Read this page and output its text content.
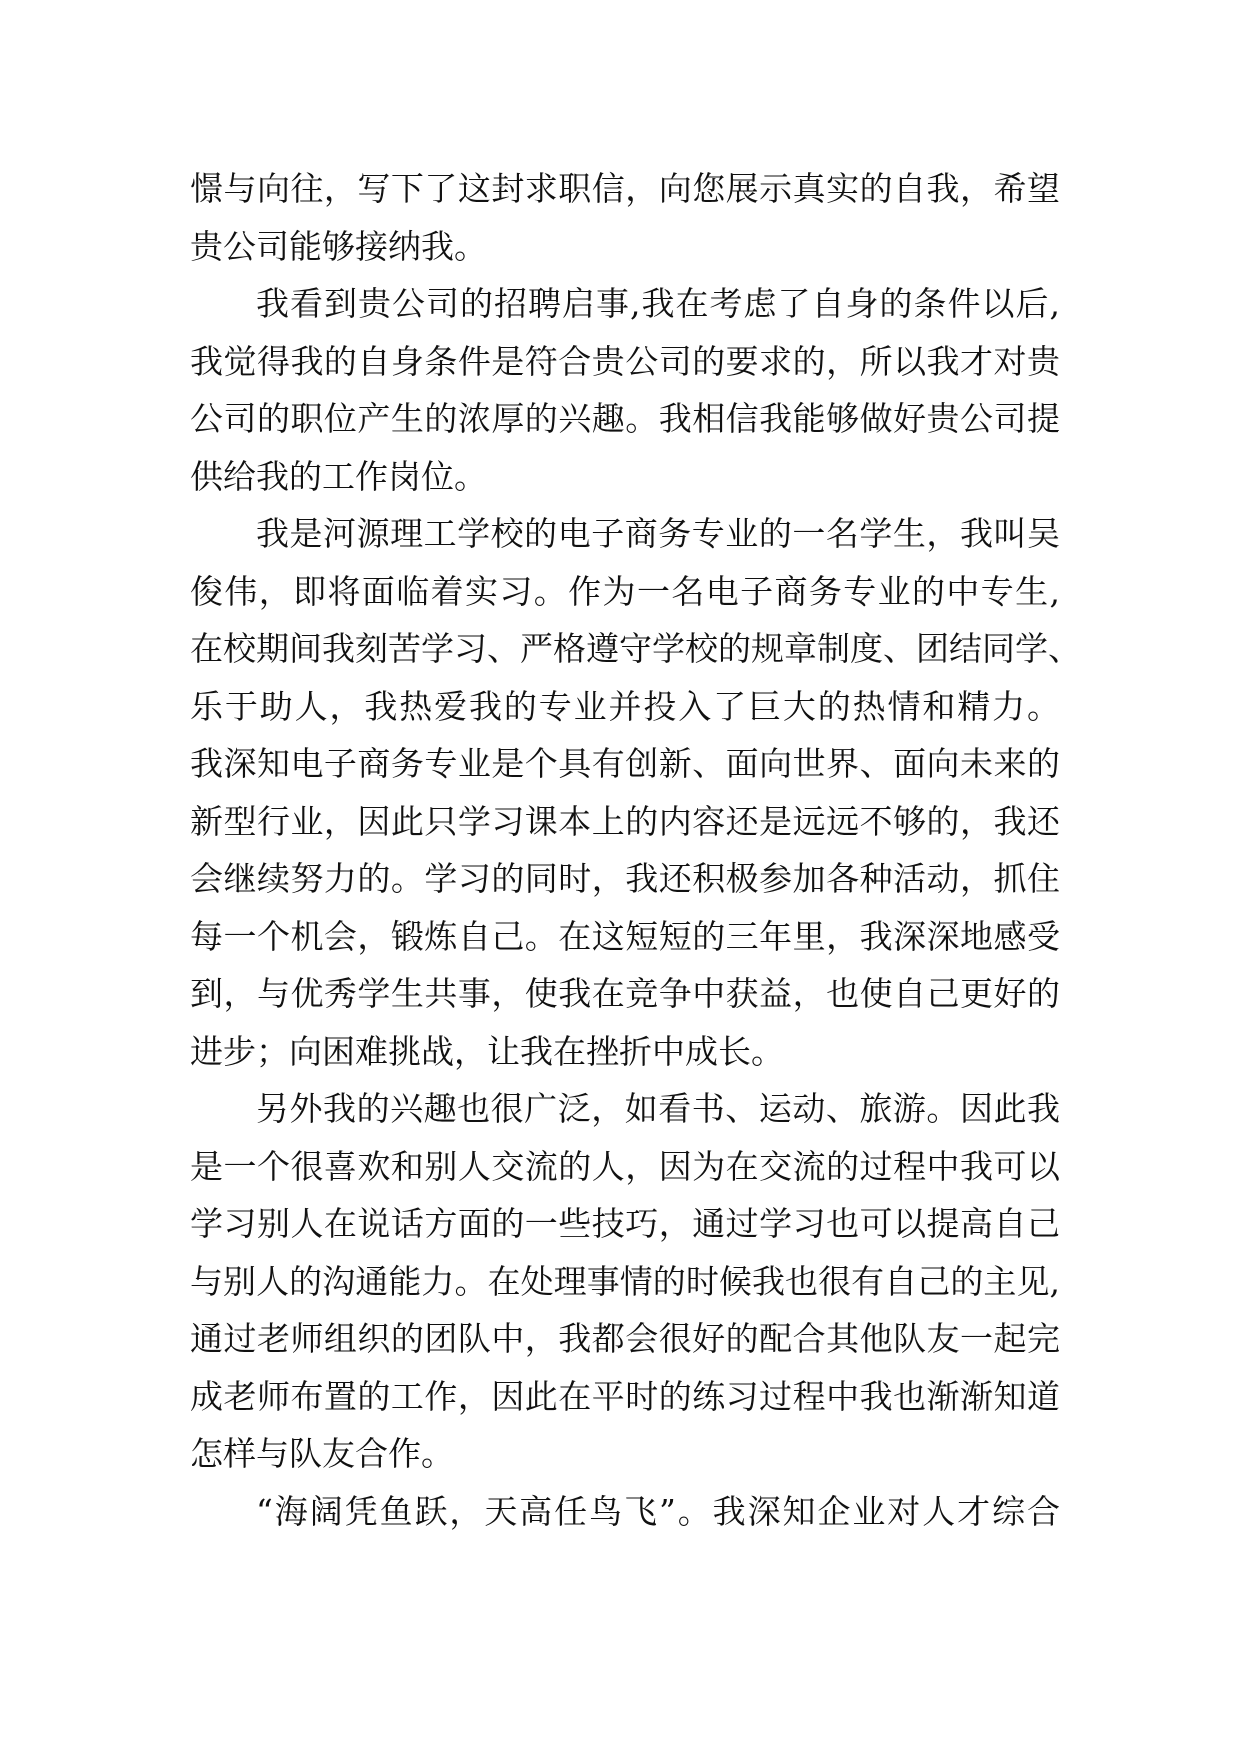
憬与向往，写下了这封求职信，向您展示真实的自我，希望
贵公司能够接纳我。
我看到贵公司的招聘启事,我在考虑了自身的条件以后,
我觉得我的自身条件是符合贵公司的要求的，所以我才对贵
公司的职位产生的浓厚的兴趣。我相信我能够做好贵公司提
供给我的工作岗位。
我是河源理工学校的电子商务专业的一名学生，我叫吴
俊伟，即将面临着实习。作为一名电子商务专业的中专生,
在校期间我刻苦学习、严格遵守学校的规章制度、团结同学、
乐于助人，我热爱我的专业并投入了巨大的热情和精力。
我深知电子商务专业是个具有创新、面向世界、面向未来的
新型行业，因此只学习课本上的内容还是远远不够的，我还
会继续努力的。学习的同时，我还积极参加各种活动，抓住
每一个机会，锻炼自己。在这短短的三年里，我深深地感受
到，与优秀学生共事，使我在竞争中获益，也使自己更好的
进步；向困难挑战，让我在挫折中成长。
另外我的兴趣也很广泛，如看书、运动、旅游。因此我
是一个很喜欢和别人交流的人，因为在交流的过程中我可以
学习别人在说话方面的一些技巧，通过学习也可以提高自己
与别人的沟通能力。在处理事情的时候我也很有自己的主见,
通过老师组织的团队中，我都会很好的配合其他队友一起完
成老师布置的工作，因此在平时的练习过程中我也渐渐知道
怎样与队友合作。
“海阔凭鱼跃，天高任鸟飞”。我深知企业对人才综合
